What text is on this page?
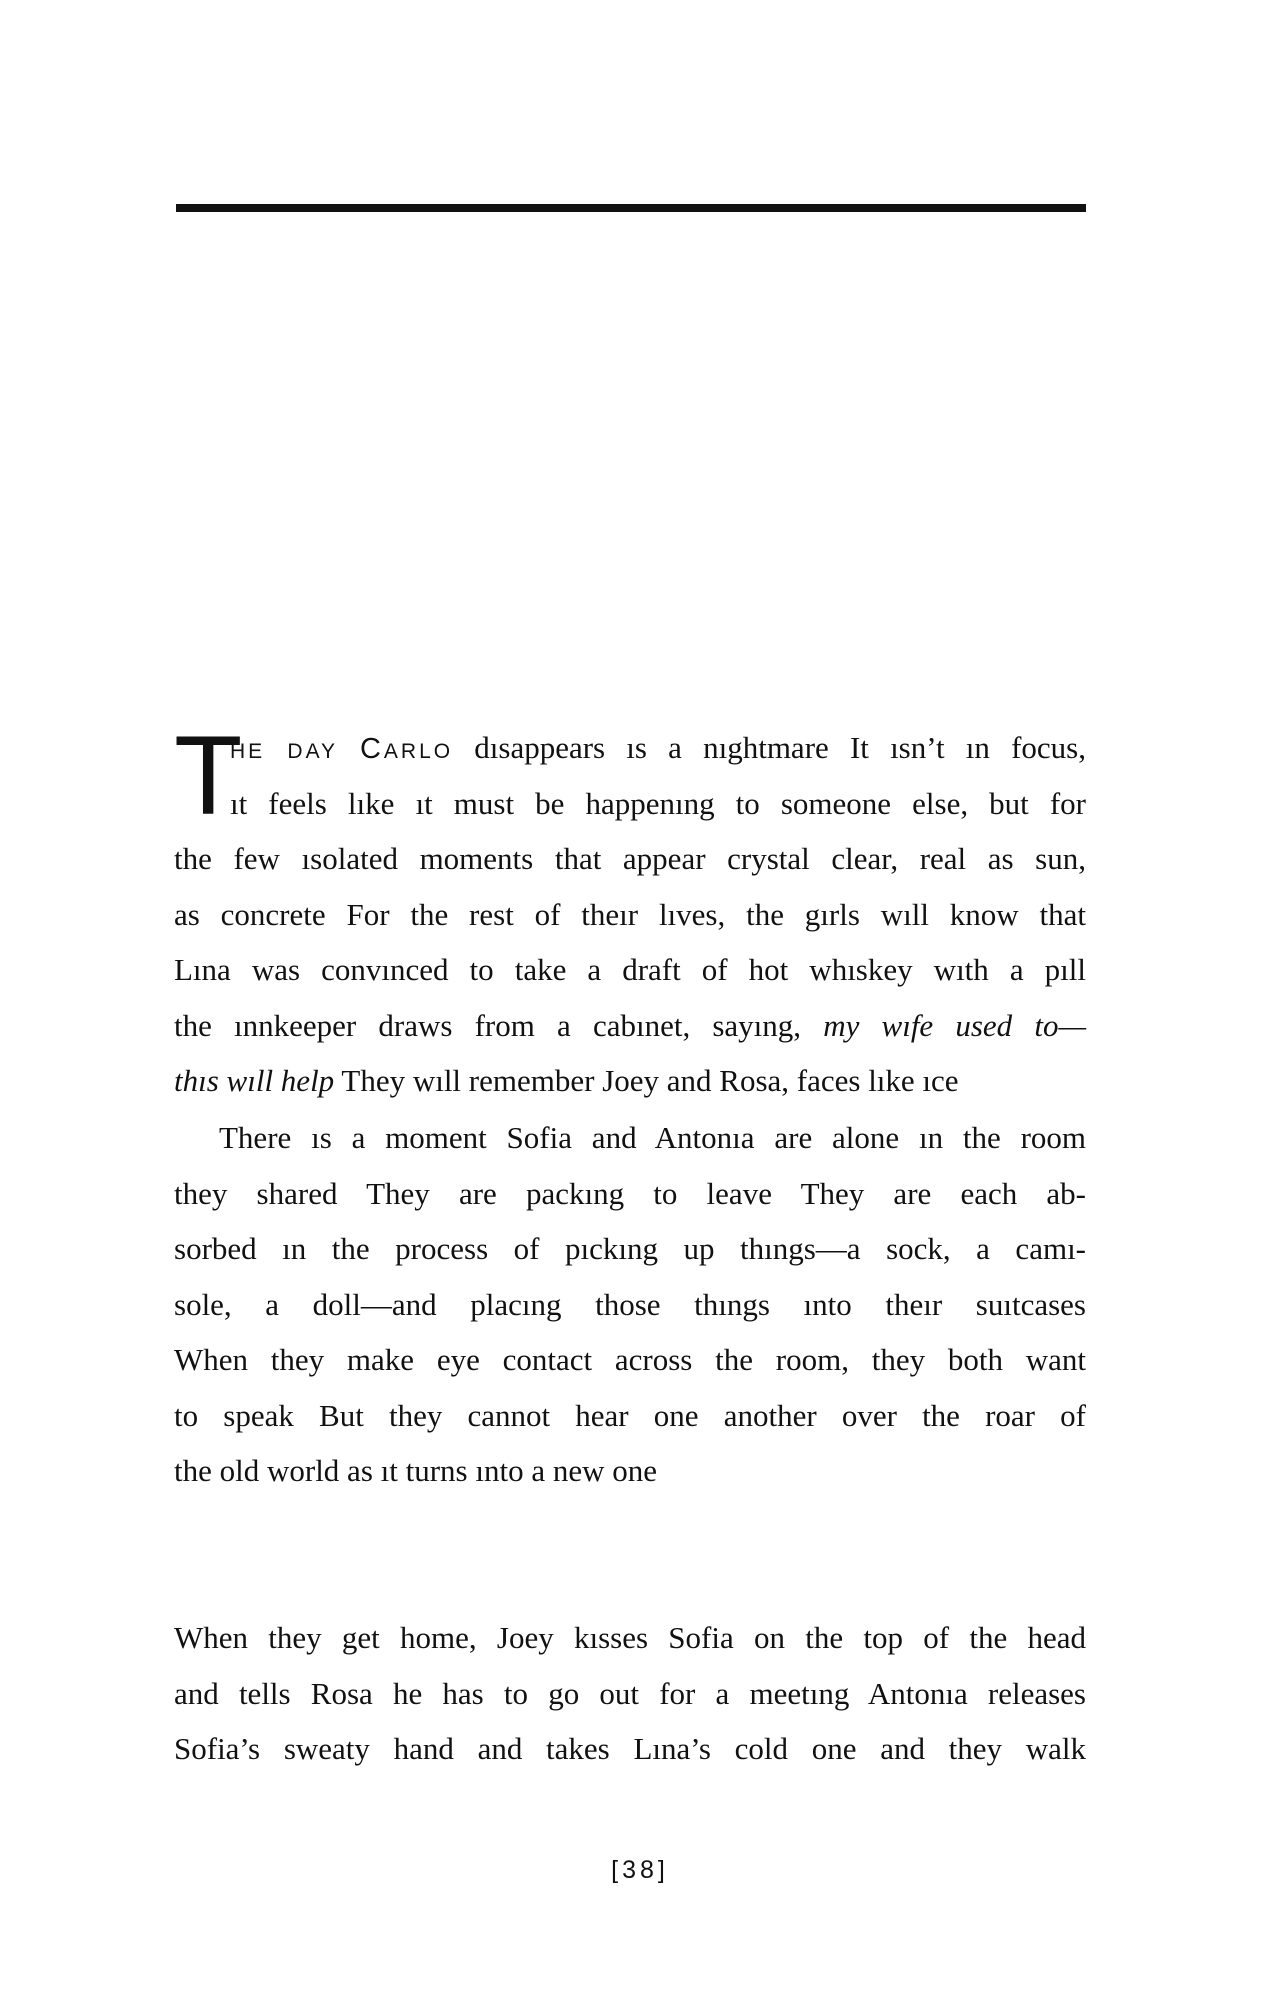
T
HE DAY CARLO dısappears ıs a nıghtmare It ısn’t ın focus,
ıt feels lıke ıt must be happenıng to someone else, but for
the few ısolated moments that appear crystal clear, real as sun,
as concrete For the rest of theır lıves, the gırls wıll know that
Lına was convınced to take a draft of hot whıskey wıth a pıll
the ınnkeeper draws from a cabınet, sayıng, my wıfe used to—
thıs wıll help They wıll remember Joey and Rosa, faces lıke ıce
There ıs a moment Sofia and Antonıa are alone ın the room
they shared They are packıng to leave They are each ab-
sorbed ın the process of pıckıng up thıngs—a sock, a camı-
sole, a doll—and placıng those thıngs ınto theır suıtcases
When they make eye contact across the room, they both want
to speak But they cannot hear one another over the roar of
the old world as ıt turns ınto a new one
When they get home, Joey kısses Sofia on the top of the head
and tells Rosa he has to go out for a meetıng Antonıa releases
Sofia’s sweaty hand and takes Lına’s cold one and they walk
[38]
